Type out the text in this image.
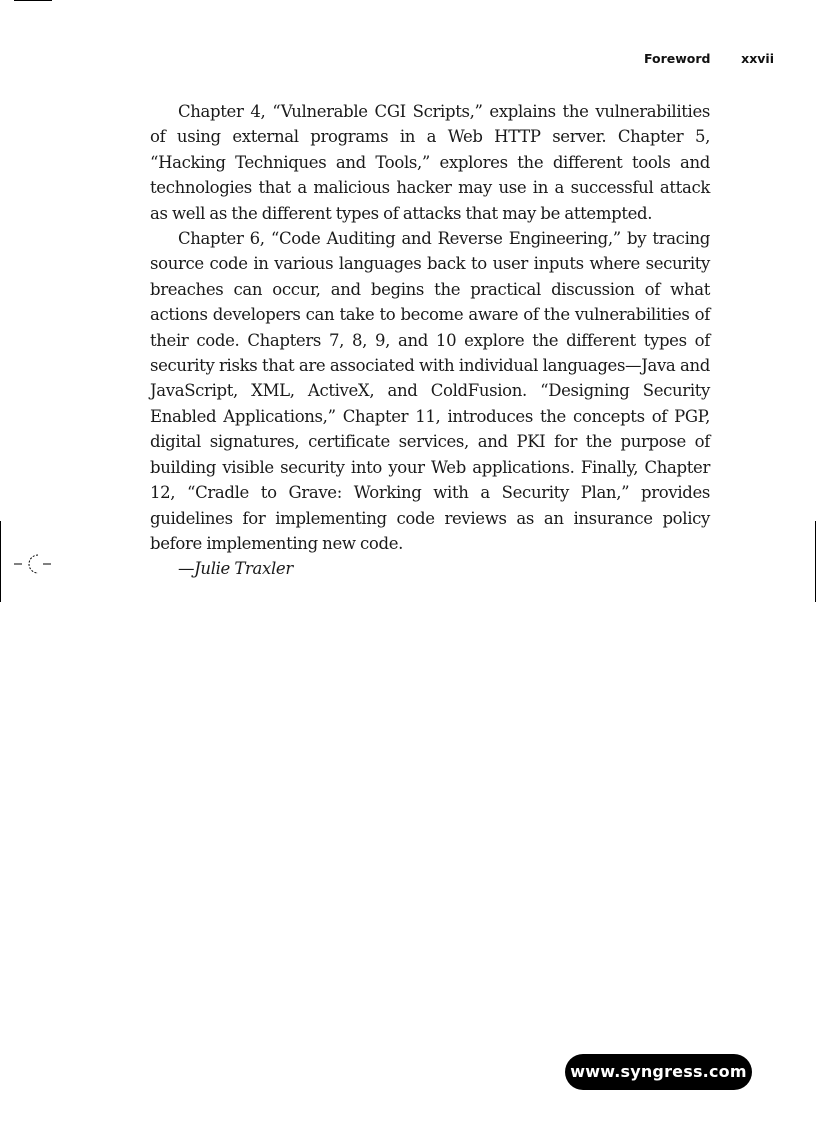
Foreword xxvii

Chapter 4, “Vulnerable CGI Scripts,” explains the vulnerabilities of using external programs in a Web HTTP server. Chapter 5, “Hacking Techniques and Tools,” explores the different tools and technologies that a malicious hacker may use in a successful attack as well as the different types of attacks that may be attempted.

Chapter 6, “Code Auditing and Reverse Engineering,” by tracing source code in various languages back to user inputs where security breaches can occur, and begins the practical discussion of what actions developers can take to become aware of the vulnerabilities of their code. Chapters 7, 8, 9, and 10 explore the different types of security risks that are associated with individual languages—Java and JavaScript, XML, ActiveX, and ColdFusion. “Designing Security Enabled Applications,” Chapter 11, introduces the concepts of PGP, digital signatures, certificate services, and PKI for the purpose of building visible security into your Web applications. Finally, Chapter 12, “Cradle to Grave: Working with a Security Plan,” provides guidelines for implementing code reviews as an insurance policy before implementing new code.

—Julie Traxler

www.syngress.com
